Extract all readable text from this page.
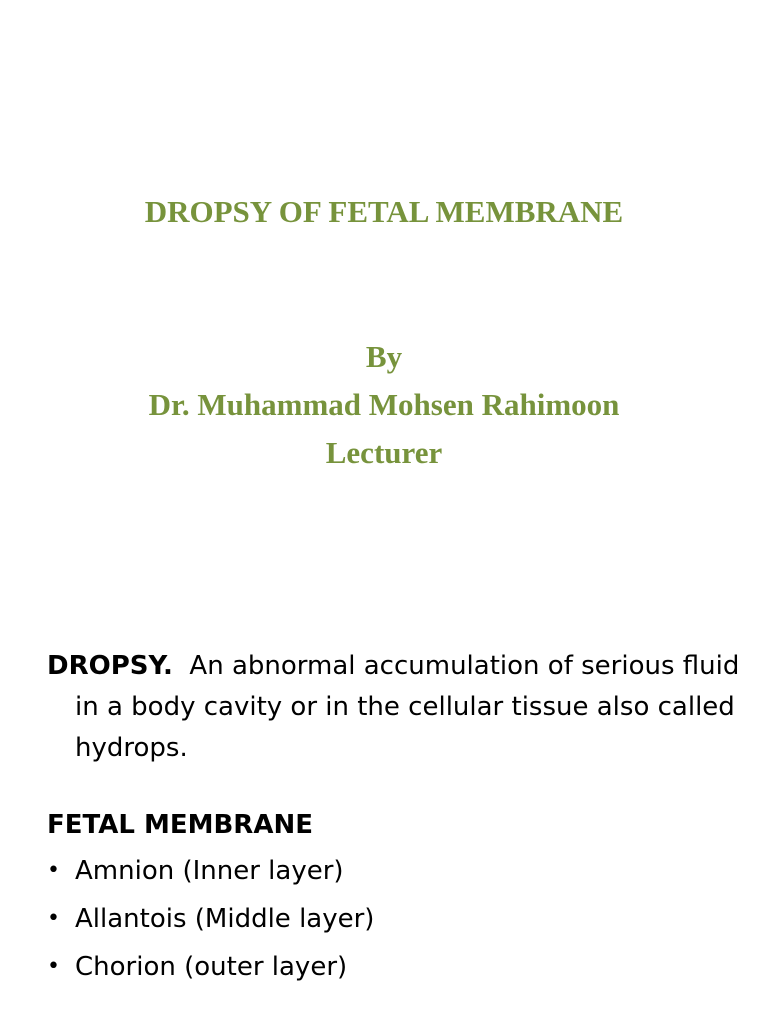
DROPSY OF FETAL MEMBRANE
By
Dr. Muhammad Mohsen Rahimoon
Lecturer

DROPSY. An abnormal accumulation of serious fluid in a body cavity or in the cellular tissue also called hydrops.

FETAL MEMBRANE
• Amnion (Inner layer)
• Allantois (Middle layer)
• Chorion (outer layer)
